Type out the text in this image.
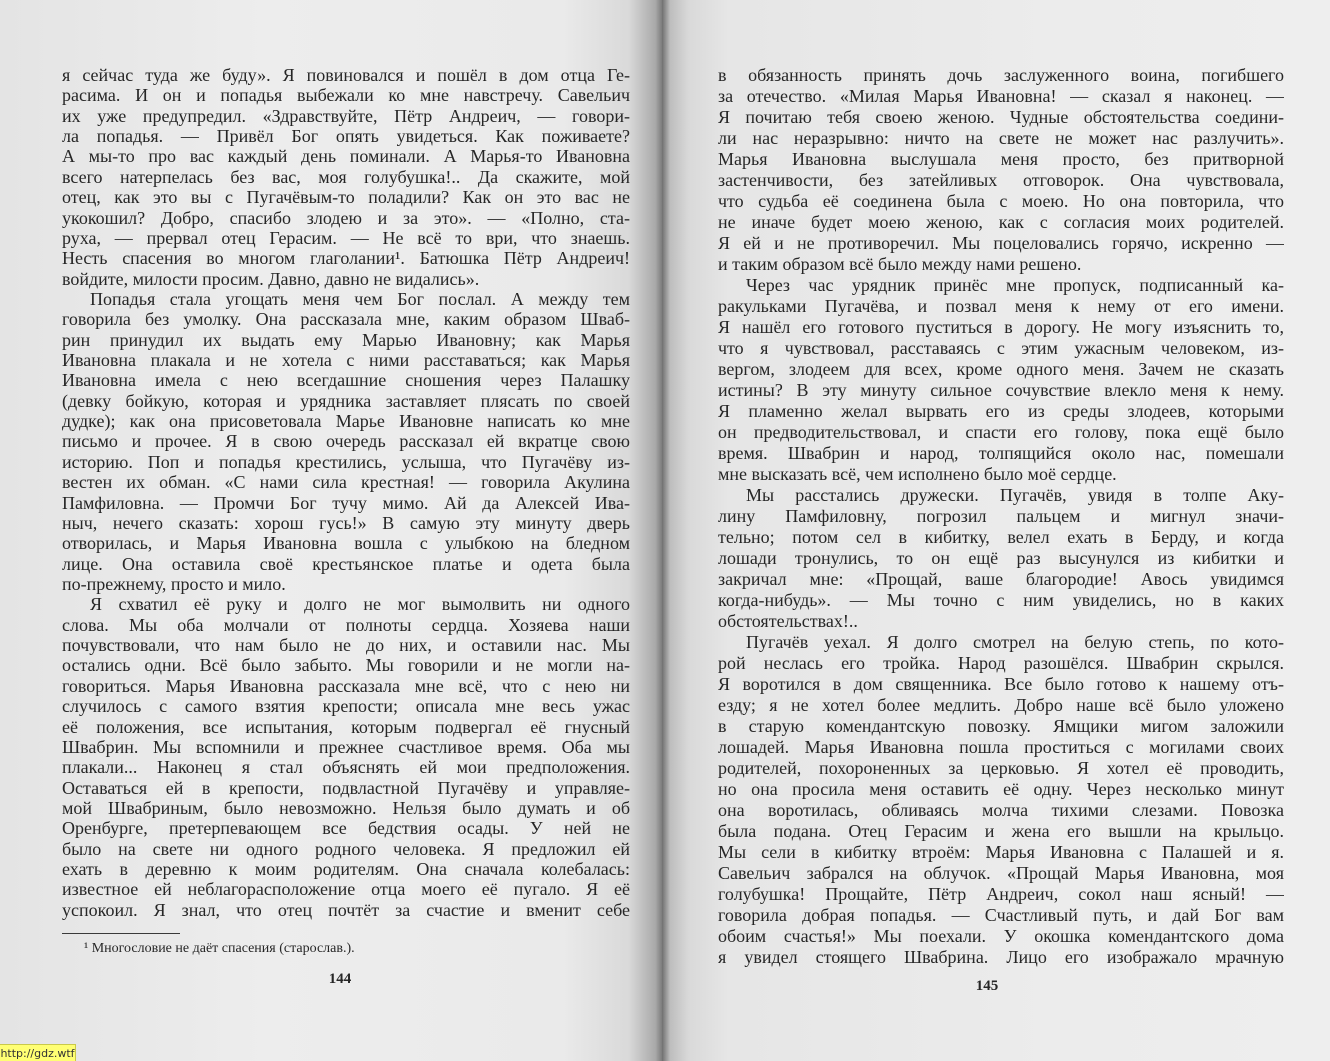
я сейчас туда же буду». Я повиновался и пошёл в дом отца Ге-
расима. И он и попадья выбежали ко мне навстречу. Савельич
их уже предупредил. «Здравствуйте, Пётр Андреич, — говори-
ла попадья. — Привёл Бог опять увидеться. Как поживаете?
А мы-то про вас каждый день поминали. А Марья-то Ивановна
всего натерпелась без вас, моя голубушка!.. Да скажите, мой
отец, как это вы с Пугачёвым-то поладили? Как он это вас не
укокошил? Добро, спасибо злодею и за это». — «Полно, ста-
руха, — прервал отец Герасим. — Не всё то ври, что знаешь.
Несть спасения во многом глаголании¹. Батюшка Пётр Андреич!
войдите, милости просим. Давно, давно не видались».
Попадья стала угощать меня чем Бог послал. А между тем
говорила без умолку. Она рассказала мне, каким образом Шваб-
рин принудил их выдать ему Марью Ивановну; как Марья
Ивановна плакала и не хотела с ними расставаться; как Марья
Ивановна имела с нею всегдашние сношения через Палашку
(девку бойкую, которая и урядника заставляет плясать по своей
дудке); как она присоветовала Марье Ивановне написать ко мне
письмо и прочее. Я в свою очередь рассказал ей вкратце свою
историю. Поп и попадья крестились, услыша, что Пугачёву из-
вестен их обман. «С нами сила крестная! — говорила Акулина
Памфиловна. — Промчи Бог тучу мимо. Ай да Алексей Ива-
ныч, нечего сказать: хорош гусь!» В самую эту минуту дверь
отворилась, и Марья Ивановна вошла с улыбкою на бледном
лице. Она оставила своё крестьянское платье и одета была
по-прежнему, просто и мило.
Я схватил её руку и долго не мог вымолвить ни одного
слова. Мы оба молчали от полноты сердца. Хозяева наши
почувствовали, что нам было не до них, и оставили нас. Мы
остались одни. Всё было забыто. Мы говорили и не могли на-
говориться. Марья Ивановна рассказала мне всё, что с нею ни
случилось с самого взятия крепости; описала мне весь ужас
её положения, все испытания, которым подвергал её гнусный
Швабрин. Мы вспомнили и прежнее счастливое время. Оба мы
плакали... Наконец я стал объяснять ей мои предположения.
Оставаться ей в крепости, подвластной Пугачёву и управляе-
мой Швабриным, было невозможно. Нельзя было думать и об
Оренбурге, претерпевающем все бедствия осады. У ней не
было на свете ни одного родного человека. Я предложил ей
ехать в деревню к моим родителям. Она сначала колебалась:
известное ей неблагорасположение отца моего её пугало. Я её
успокоил. Я знал, что отец почтёт за счастие и вменит себе
¹ Многословие не даёт спасения (старослав.).
144
http://gdz.wtf
в обязанность принять дочь заслуженного воина, погибшего
за отечество. «Милая Марья Ивановна! — сказал я наконец. —
Я почитаю тебя своею женою. Чудные обстоятельства соедини-
ли нас неразрывно: ничто на свете не может нас разлучить».
Марья Ивановна выслушала меня просто, без притворной
застенчивости, без затейливых отговорок. Она чувствовала,
что судьба её соединена была с моею. Но она повторила, что
не иначе будет моею женою, как с согласия моих родителей.
Я ей и не противоречил. Мы поцеловались горячо, искренно —
и таким образом всё было между нами решено.
Через час урядник принёс мне пропуск, подписанный ка-
ракульками Пугачёва, и позвал меня к нему от его имени.
Я нашёл его готового пуститься в дорогу. Не могу изъяснить то,
что я чувствовал, расставаясь с этим ужасным человеком, из-
вергом, злодеем для всех, кроме одного меня. Зачем не сказать
истины? В эту минуту сильное сочувствие влекло меня к нему.
Я пламенно желал вырвать его из среды злодеев, которыми
он предводительствовал, и спасти его голову, пока ещё было
время. Швабрин и народ, толпящийся около нас, помешали
мне высказать всё, чем исполнено было моё сердце.
Мы расстались дружески. Пугачёв, увидя в толпе Аку-
лину Памфиловну, погрозил пальцем и мигнул значи-
тельно; потом сел в кибитку, велел ехать в Берду, и когда
лошади тронулись, то он ещё раз высунулся из кибитки и
закричал мне: «Прощай, ваше благородие! Авось увидимся
когда-нибудь». — Мы точно с ним увиделись, но в каких
обстоятельствах!..
Пугачёв уехал. Я долго смотрел на белую степь, по кото-
рой неслась его тройка. Народ разошёлся. Швабрин скрылся.
Я воротился в дом священника. Все было готово к нашему отъ-
езду; я не хотел более медлить. Добро наше всё было уложено
в старую комендантскую повозку. Ямщики мигом заложили
лошадей. Марья Ивановна пошла проститься с могилами своих
родителей, похороненных за церковью. Я хотел её проводить,
но она просила меня оставить её одну. Через несколько минут
она воротилась, обливаясь молча тихими слезами. Повозка
была подана. Отец Герасим и жена его вышли на крыльцо.
Мы сели в кибитку втроём: Марья Ивановна с Палашей и я.
Савельич забрался на облучок. «Прощай Марья Ивановна, моя
голубушка! Прощайте, Пётр Андреич, сокол наш ясный! —
говорила добрая попадья. — Счастливый путь, и дай Бог вам
обоим счастья!» Мы поехали. У окошка комендантского дома
я увидел стоящего Швабрина. Лицо его изображало мрачную
145
